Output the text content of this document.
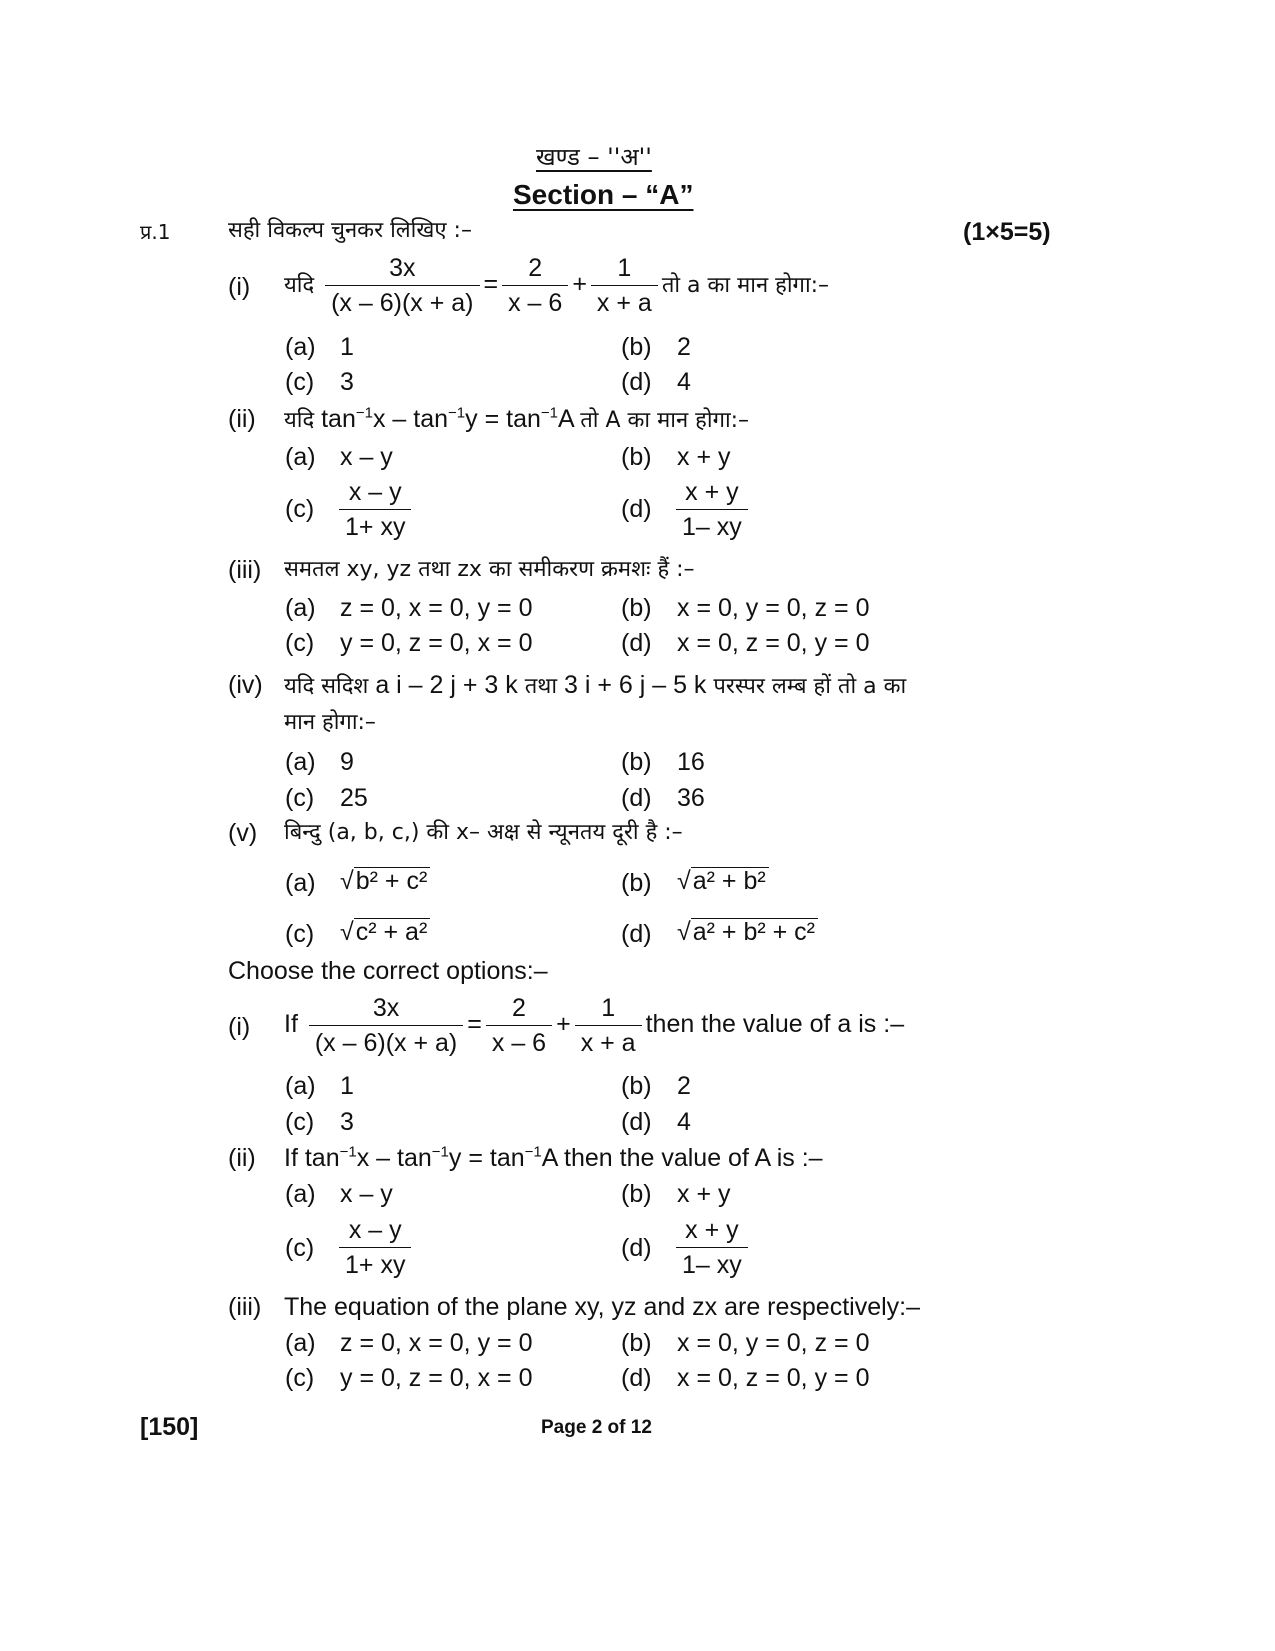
खण्ड – ''अ''
Section – “A”
प्र.1	सही विकल्प चुनकर लिखिए :–	(1×5=5)
(i) यदि $\frac{3x}{(x - 6)(x + a)} = \frac{2}{x - 6} + \frac{1}{x + a}$ तो a का मान होगा:–
(a) 1	(b) 2
(c) 3	(d) 4
(ii) यदि $\tan^{-1}x - \tan^{-1}y = \tan^{-1}A$ तो A का मान होगा:–
(a) x – y	(b) x + y
$(c) \frac{x - y}{1+ xy}$	$(d) \frac{x + y}{1- xy}$
(iii) समतल xy, yz तथा zx का समीकरण क्रमशः हैं :–
(a) z = 0, x = 0, y = 0	(b) x = 0, y = 0, z = 0
(c) y = 0, z = 0, x = 0	(d) x = 0, z = 0, y = 0
(iv) यदि सदिश a i – 2 j + 3 k तथा 3 i + 6 j – 5 k परस्पर लम्ब हों तो a का
मान होगा:–
(a) 9	(b) 16
(c) 25	(d) 36
(v) बिन्दु (a, b, c,) की x– अक्ष से न्यूनतय दूरी है :–
(a) √b² + c²	(b) √a² + b²
(c) √c² + a²	(d) √a² + b² + c²
Choose the correct options:–
(i) If $\frac{3x}{(x - 6)(x + a)} = \frac{2}{x - 6} + \frac{1}{x + a}$ then the value of a is :–
(a) 1	(b) 2
(c) 3	(d) 4
(ii) If $\tan^{-1}x - \tan^{-1}y = \tan^{-1}A$ then the value of A is :–
(a) x – y	(b) x + y
$(c) \frac{x - y}{1+ xy}$	$(d) \frac{x + y}{1- xy}$
(iii) The equation of the plane xy, yz and zx are respectively:–
(a) z = 0, x = 0, y = 0	(b) x = 0, y = 0, z = 0
(c) y = 0, z = 0, x = 0	(d) x = 0, z = 0, y = 0
[150]	Page 2 of 12
